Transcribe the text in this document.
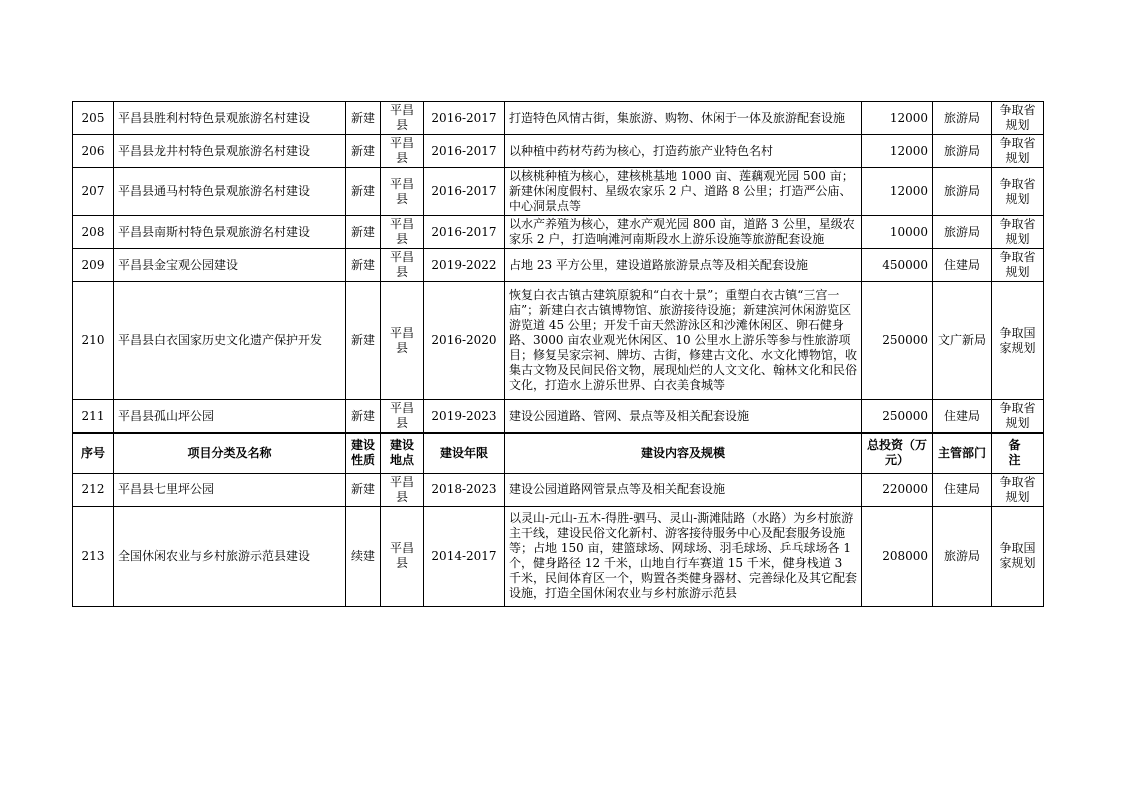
205	平昌县胜利村特色景观旅游名村建设	新建	平昌县	2016-2017	打造特色风情古街，集旅游、购物、休闲于一体及旅游配套设施	12000	旅游局	争取省规划
206	平昌县龙井村特色景观旅游名村建设	新建	平昌县	2016-2017	以种植中药材芍药为核心，打造药旅产业特色名村	12000	旅游局	争取省规划
207	平昌县通马村特色景观旅游名村建设	新建	平昌县	2016-2017	以核桃种植为核心，建核桃基地 1000 亩、莲藕观光园 500 亩；新建休闲度假村、星级农家乐 2 户、道路 8 公里；打造严公庙、中心洞景点等	12000	旅游局	争取省规划
208	平昌县南斯村特色景观旅游名村建设	新建	平昌县	2016-2017	以水产养殖为核心，建水产观光园 800 亩，道路 3 公里，星级农家乐 2 户，打造响滩河南斯段水上游乐设施等旅游配套设施	10000	旅游局	争取省规划
209	平昌县金宝观公园建设	新建	平昌县	2019-2022	占地 23 平方公里，建设道路旅游景点等及相关配套设施	450000	住建局	争取省规划
210	平昌县白衣国家历史文化遗产保护开发	新建	平昌县	2016-2020	恢复白衣古镇古建筑原貌和“白衣十景”；重塑白衣古镇“三宫一庙”；新建白衣古镇博物馆、旅游接待设施；新建滨河休闲游览区游览道 45 公里；开发千亩天然游泳区和沙滩休闲区、卵石健身路、3000 亩农业观光休闲区、10 公里水上游乐等参与性旅游项目；修复吴家宗祠、牌坊、古街，修建古文化、水文化博物馆，收集古文物及民间民俗文物，展现灿烂的人文文化、翰林文化和民俗文化，打造水上游乐世界、白衣美食城等	250000	文广新局	争取国家规划
211	平昌县孤山坪公园	新建	平昌县	2019-2023	建设公园道路、管网、景点等及相关配套设施	250000	住建局	争取省规划
序号	项目分类及名称	建设性质	建设地点	建设年限	建设内容及规模	总投资（万元）	主管部门	备注
212	平昌县七里坪公园	新建	平昌县	2018-2023	建设公园道路网管景点等及相关配套设施	220000	住建局	争取省规划
213	全国休闲农业与乡村旅游示范县建设	续建	平昌县	2014-2017	以灵山-元山-五木-得胜-驷马、灵山-澌滩陆路（水路）为乡村旅游主干线，建设民俗文化新村、游客接待服务中心及配套服务设施等；占地 150 亩，建篮球场、网球场、羽毛球场、乒乓球场各 1 个，健身路径 12 千米，山地自行车赛道 15 千米，健身栈道 3 千米，民间体育区一个，购置各类健身器材、完善绿化及其它配套设施，打造全国休闲农业与乡村旅游示范县	208000	旅游局	争取国家规划
